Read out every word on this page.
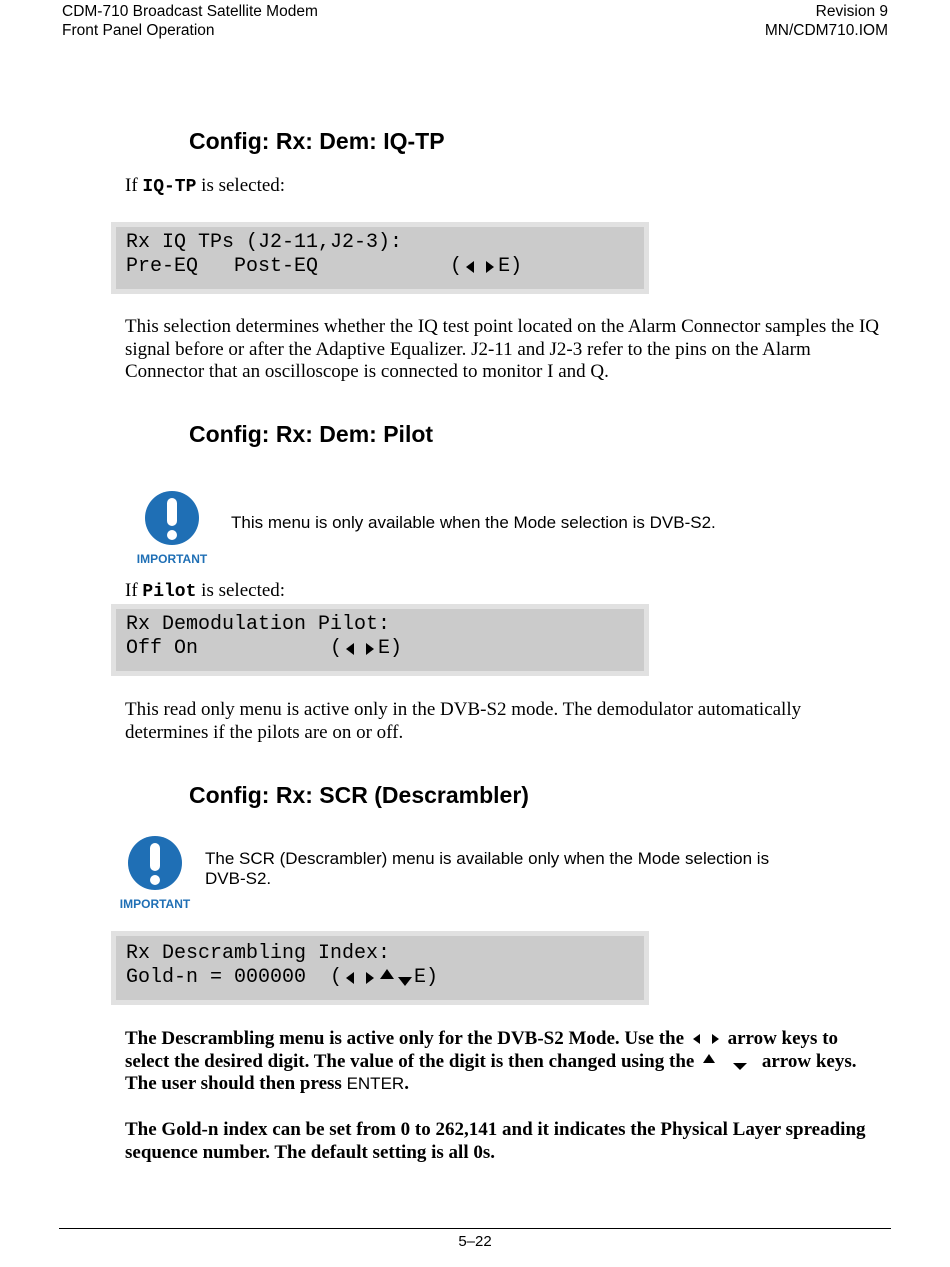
CDM-710 Broadcast Satellite Modem
Front Panel Operation
Revision 9
MN/CDM710.IOM
Config: Rx: Dem: IQ-TP
If IQ-TP is selected:
Rx IQ TPs (J2-11,J2-3):
Pre-EQ   Post-EQ           ( E)
This selection determines whether the IQ test point located on the Alarm Connector samples the IQ signal before or after the Adaptive Equalizer. J2-11 and J2-3 refer to the pins on the Alarm Connector that an oscilloscope is connected to monitor I and Q.
Config: Rx: Dem: Pilot
IMPORTANT
This menu is only available when the Mode selection is DVB-S2.
If Pilot is selected:
Rx Demodulation Pilot:
Off On           ( E)
This read only menu is active only in the DVB-S2 mode. The demodulator automatically determines if the pilots are on or off.
Config: Rx: SCR (Descrambler)
IMPORTANT
The SCR (Descrambler) menu is available only when the Mode selection is DVB-S2.
Rx Descrambling Index:
Gold-n = 000000  (	E)
The Descrambling menu is active only for the DVB-S2 Mode. Use the  arrow keys to select the desired digit. The value of the digit is then changed using the	arrow keys. The user should then press ENTER.
The Gold-n index can be set from 0 to 262,141 and it indicates the Physical Layer spreading sequence number. The default setting is all 0s.
5–22
